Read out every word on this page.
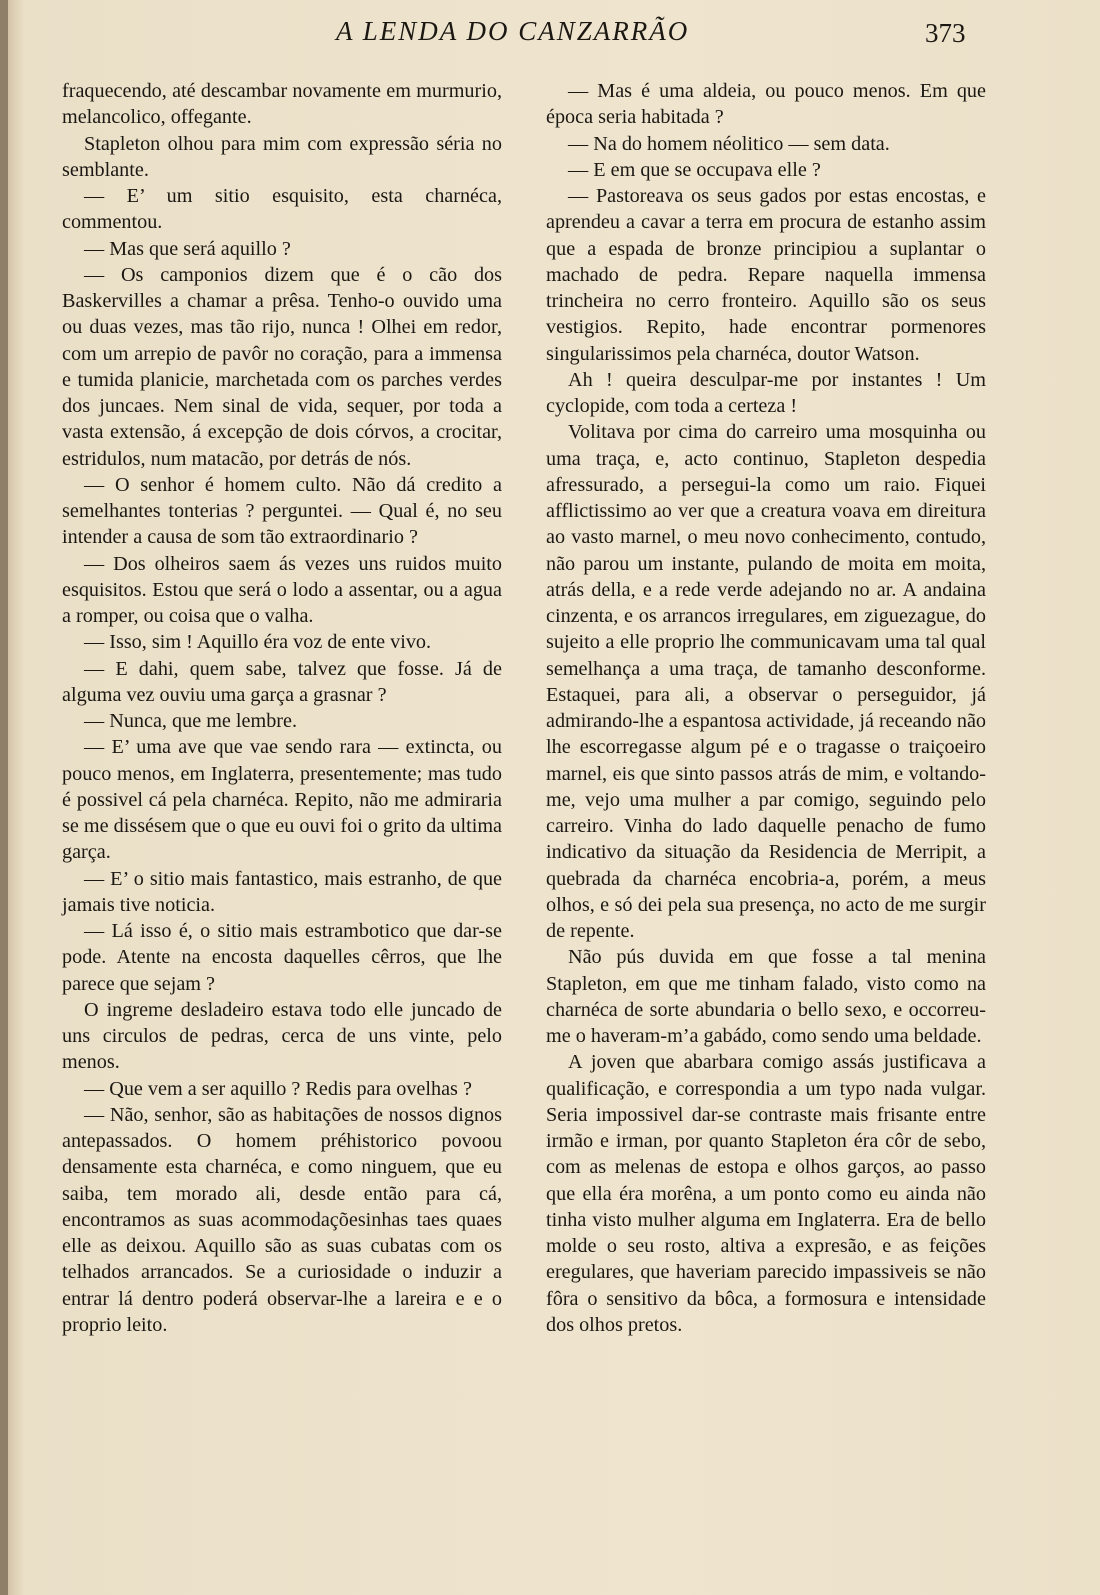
A LENDA DO CANZARRÃO	373

fraquecendo, até descambar novamente em murmurio, melancolico, offegante.

Stapleton olhou para mim com expressão séria no semblante.

— E’ um sitio esquisito, esta charnéca, commentou.

— Mas que será aquillo ?

— Os camponios dizem que é o cão dos Baskervilles a chamar a prêsa. Tenho-o ouvido uma ou duas vezes, mas tão rijo, nunca ! Olhei em redor, com um arrepio de pavôr no coração, para a immensa e tumida planicie, marchetada com os parches verdes dos juncaes. Nem sinal de vida, sequer, por toda a vasta extensão, á excepção de dois córvos, a crocitar, estridulos, num matacão, por detrás de nós.

— O senhor é homem culto. Não dá credito a semelhantes tonterias ? perguntei. — Qual é, no seu intender a causa de som tão extraordinario ?

— Dos olheiros saem ás vezes uns ruidos muito esquisitos. Estou que será o lodo a assentar, ou a agua a romper, ou coisa que o valha.

— Isso, sim ! Aquillo éra voz de ente vivo.

— E dahi, quem sabe, talvez que fosse. Já de alguma vez ouviu uma garça a grasnar ?

— Nunca, que me lembre.

— E’ uma ave que vae sendo rara — extincta, ou pouco menos, em Inglaterra, presentemente; mas tudo é possivel cá pela charnéca. Repito, não me admiraria se me dissésem que o que eu ouvi foi o grito da ultima garça.

— E’ o sitio mais fantastico, mais estranho, de que jamais tive noticia.

— Lá isso é, o sitio mais estrambotico que dar-se pode. Atente na encosta daquelles cêrros, que lhe parece que sejam ?

O ingreme desladeiro estava todo elle juncado de uns circulos de pedras, cerca de uns vinte, pelo menos.

— Que vem a ser aquillo ? Redis para ovelhas ?

— Não, senhor, são as habitações de nossos dignos antepassados. O homem préhistorico povoou densamente esta charnéca, e como ninguem, que eu saiba, tem morado ali, desde então para cá, encontramos as suas acommodaçõesinhas taes quaes elle as deixou. Aquillo são as suas cubatas com os telhados arrancados. Se a curiosidade o induzir a entrar lá dentro poderá observar-lhe a lareira e e o proprio leito.

— Mas é uma aldeia, ou pouco menos. Em que época seria habitada ?

— Na do homem néolitico — sem data.

— E em que se occupava elle ?

— Pastoreava os seus gados por estas encostas, e aprendeu a cavar a terra em procura de estanho assim que a espada de bronze principiou a suplantar o machado de pedra. Repare naquella immensa trincheira no cerro fronteiro. Aquillo são os seus vestigios. Repito, hade encontrar pormenores singularissimos pela charnéca, doutor Watson.

Ah ! queira desculpar-me por instantes ! Um cyclopide, com toda a certeza !

Volitava por cima do carreiro uma mosquinha ou uma traça, e, acto continuo, Stapleton despedia afressurado, a persegui-la como um raio. Fiquei afflictissimo ao ver que a creatura voava em direitura ao vasto marnel, o meu novo conhecimento, contudo, não parou um instante, pulando de moita em moita, atrás della, e a rede verde adejando no ar. A andaina cinzenta, e os arrancos irregulares, em ziguezague, do sujeito a elle proprio lhe communicavam uma tal qual semelhança a uma traça, de tamanho desconforme. Estaquei, para ali, a observar o perseguidor, já admirando-lhe a espantosa actividade, já receando não lhe escorregasse algum pé e o tragasse o traiçoeiro marnel, eis que sinto passos atrás de mim, e voltando-me, vejo uma mulher a par comigo, seguindo pelo carreiro. Vinha do lado daquelle penacho de fumo indicativo da situação da Residencia de Merripit, a quebrada da charnéca encobria-a, porém, a meus olhos, e só dei pela sua presença, no acto de me surgir de repente.

Não pús duvida em que fosse a tal menina Stapleton, em que me tinham falado, visto como na charnéca de sorte abundaria o bello sexo, e occorreu-me o haveram-m’a gabádo, como sendo uma beldade.

A joven que abarbara comigo assás justificava a qualificação, e correspondia a um typo nada vulgar. Seria impossivel dar-se contraste mais frisante entre irmão e irman, por quanto Stapleton éra côr de sebo, com as melenas de estopa e olhos garços, ao passo que ella éra morêna, a um ponto como eu ainda não tinha visto mulher alguma em Inglaterra. Era de bello molde o seu rosto, altiva a expresão, e as feições eregulares, que haveriam parecido impassiveis se não fôra o sensitivo da bôca, a formosura e intensidade dos olhos pretos.
